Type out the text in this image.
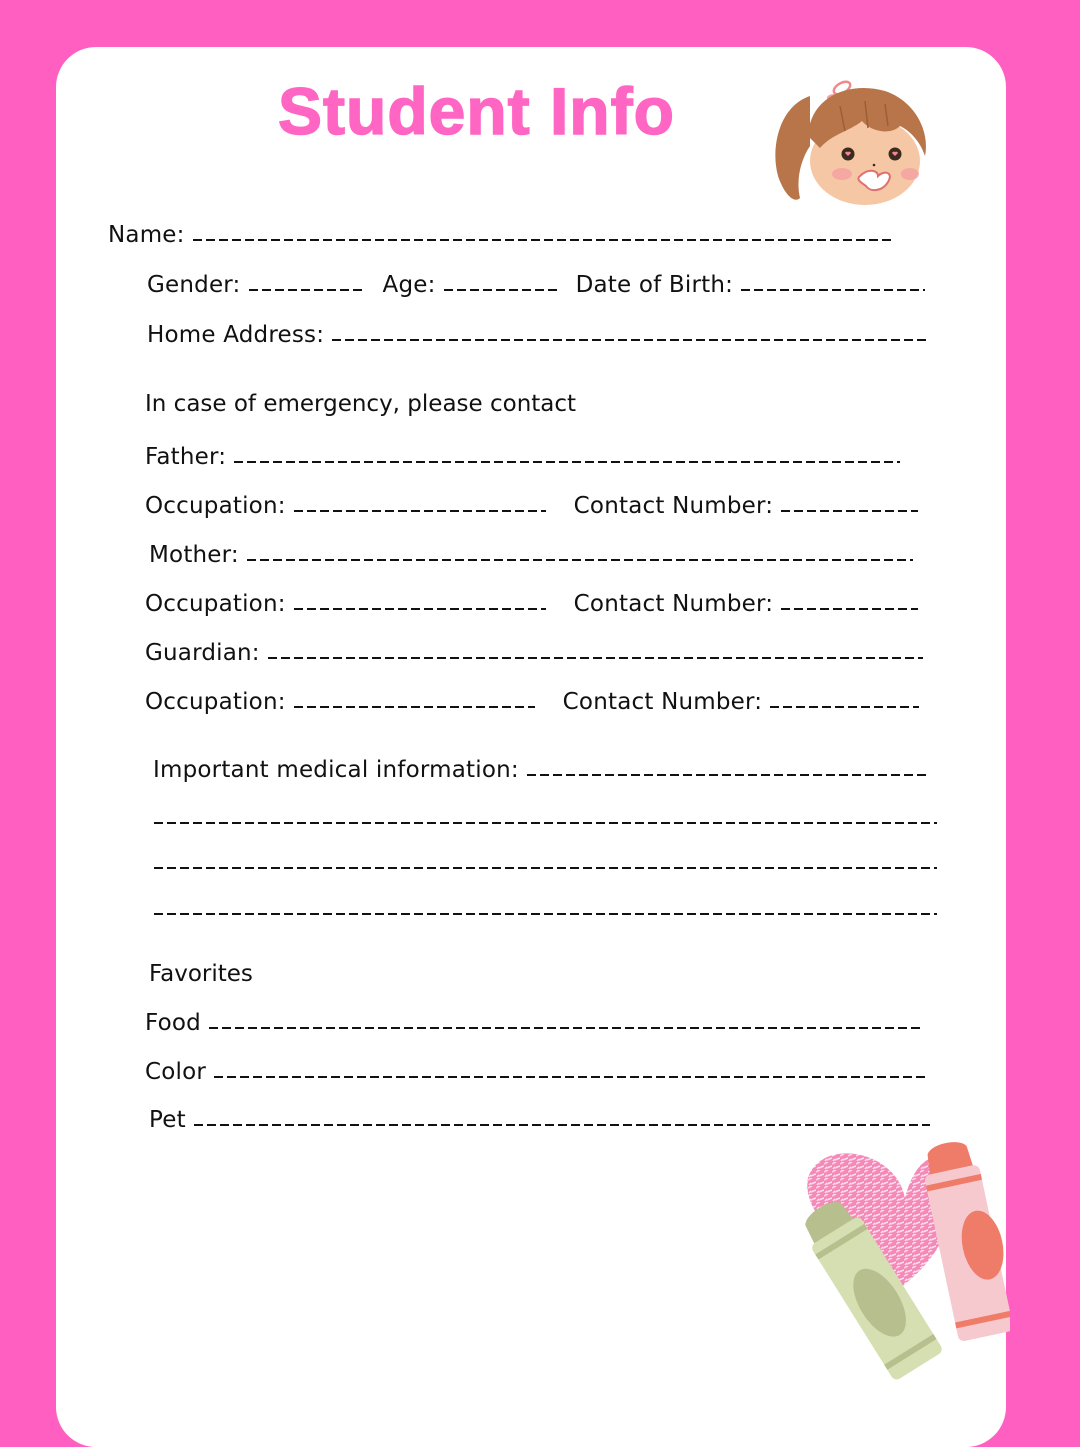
Student Info
Name:
Gender:	Age:	Date of Birth:
Home Address:
In case of emergency, please contact
Father:
Occupation:	Contact Number:
Mother:
Occupation:	Contact Number:
Guardian:
Occupation:	Contact Number:
Important medical information:
Favorites
Food
Color
Pet
